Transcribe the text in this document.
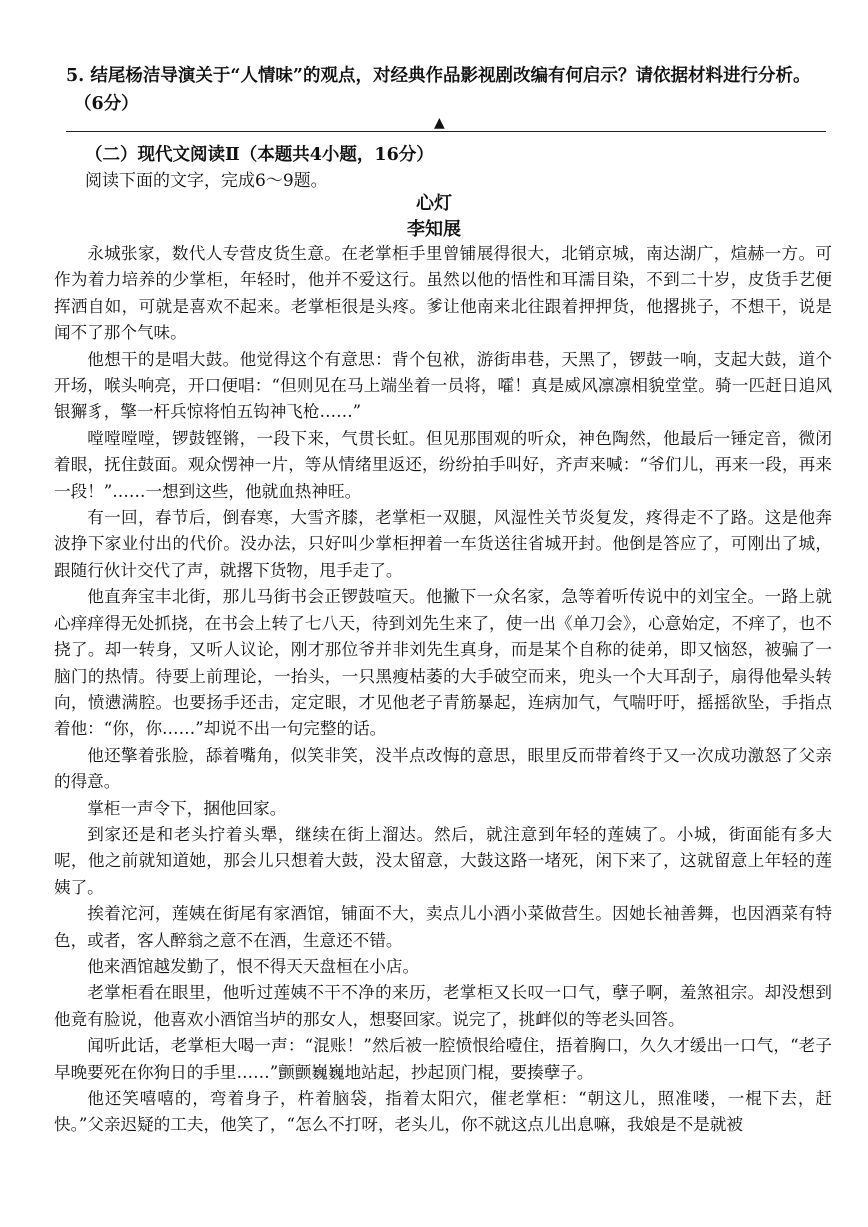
5. 结尾杨洁导演关于“人情味”的观点，对经典作品影视剧改编有何启示？请依据材料进行分析。
（6分）
▲
（二）现代文阅读Ⅱ（本题共4小题，16分）
阅读下面的文字，完成6～9题。
心灯
李知展

永城张家，数代人专营皮货生意。在老掌柜手里曾铺展得很大，北销京城，南达湖广，煊赫一方。可作为着力培养的少掌柜，年轻时，他并不爱这行。虽然以他的悟性和耳濡目染，不到二十岁，皮货手艺便挥洒自如，可就是喜欢不起来。老掌柜很是头疼。爹让他南来北往跟着押押货，他撂挑子，不想干，说是闻不了那个气味。

他想干的是唱大鼓。他觉得这个有意思：背个包袱，游街串巷，天黑了，锣鼓一响，支起大鼓，道个开场，喉头响亮，开口便唱：“但则见在马上端坐着一员将，嚯！真是威风凛凛相貌堂堂。骑一匹赶日追风银獬豸，擎一杆兵惊将怕五钩神飞枪……”

嘡嘡嘡嘡，锣鼓铿锵，一段下来，气贯长虹。但见那围观的听众，神色陶然，他最后一锤定音，微闭着眼，抚住鼓面。观众愣神一片，等从情绪里返还，纷纷拍手叫好，齐声来喊：“爷们儿，再来一段，再来一段！”……一想到这些，他就血热神旺。

有一回，春节后，倒春寒，大雪齐膝，老掌柜一双腿，风湿性关节炎复发，疼得走不了路。这是他奔波挣下家业付出的代价。没办法，只好叫少掌柜押着一车货送往省城开封。他倒是答应了，可刚出了城，跟随行伙计交代了声，就撂下货物，甩手走了。

他直奔宝丰北街，那儿马街书会正锣鼓喧天。他撇下一众名家，急等着听传说中的刘宝全。一路上就心痒痒得无处抓挠，在书会上转了七八天，待到刘先生来了，使一出《单刀会》，心意始定，不痒了，也不挠了。却一转身，又听人议论，刚才那位爷并非刘先生真身，而是某个自称的徒弟，即又恼怒，被骗了一脑门的热情。待要上前理论，一抬头，一只黑瘦枯萎的大手破空而来，兜头一个大耳刮子，扇得他晕头转向，愤懑满腔。也要扬手还击，定定眼，才见他老子青筋暴起，连病加气，气喘吁吁，摇摇欲坠，手指点着他：“你，你……”却说不出一句完整的话。

他还擎着张脸，舔着嘴角，似笑非笑，没半点改悔的意思，眼里反而带着终于又一次成功激怒了父亲的得意。

掌柜一声令下，捆他回家。

到家还是和老头拧着头犟，继续在街上溜达。然后，就注意到年轻的莲姨了。小城，街面能有多大呢，他之前就知道她，那会儿只想着大鼓，没太留意，大鼓这路一堵死，闲下来了，这就留意上年轻的莲姨了。

挨着沱河，莲姨在街尾有家酒馆，铺面不大，卖点儿小酒小菜做营生。因她长袖善舞，也因酒菜有特色，或者，客人醉翁之意不在酒，生意还不错。

他来酒馆越发勤了，恨不得天天盘桓在小店。

老掌柜看在眼里，他听过莲姨不干不净的来历，老掌柜又长叹一口气，孽子啊，羞煞祖宗。却没想到他竟有脸说，他喜欢小酒馆当垆的那女人，想娶回家。说完了，挑衅似的等老头回答。

闻听此话，老掌柜大喝一声：“混账！”然后被一腔愤恨给噎住，捂着胸口，久久才缓出一口气，“老子早晚要死在你狗日的手里……”颤颤巍巍地站起，抄起顶门棍，要揍孽子。

他还笑嘻嘻的，弯着身子，杵着脑袋，指着太阳穴，催老掌柜：“朝这儿，照准喽，一棍下去，赶快。”父亲迟疑的工夫，他笑了，“怎么不打呀，老头儿，你不就这点儿出息嘛，我娘是不是就被
